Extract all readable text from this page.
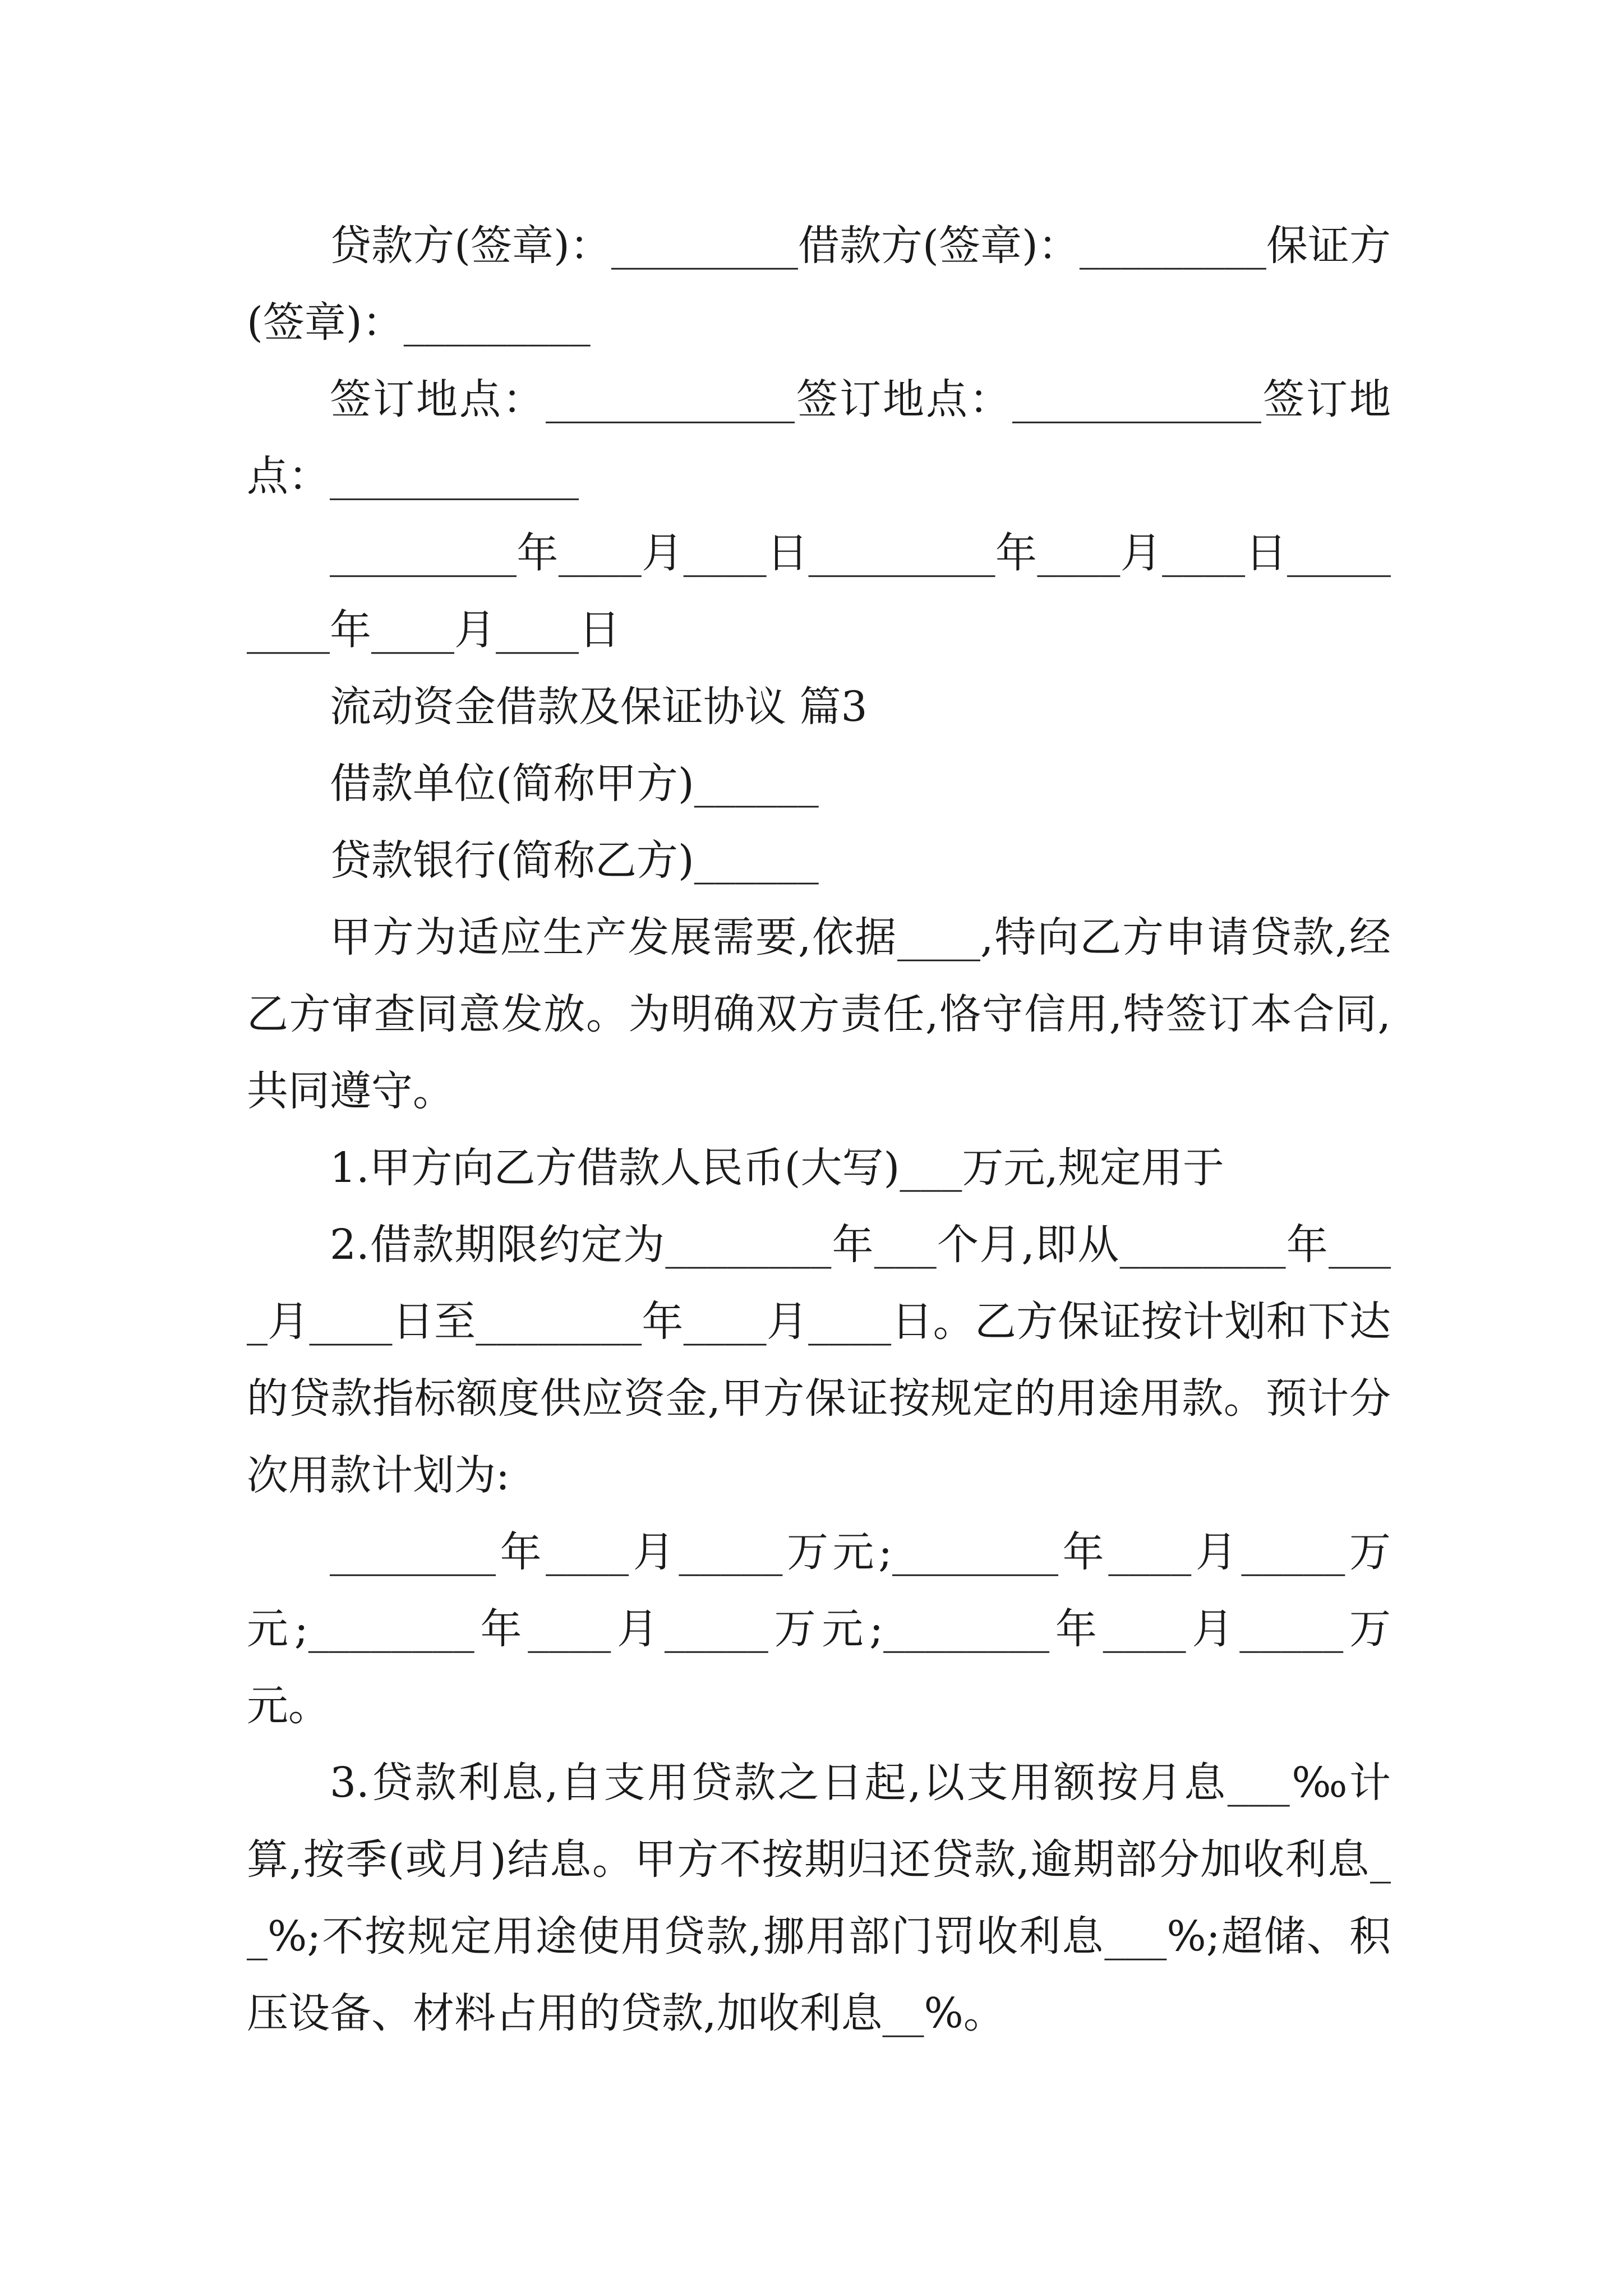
贷款方(签章)：_________借款方(签章)：_________保证方(签章)：_________

签订地点：____________签订地点：____________签订地点：____________

_________年____月____日_________年____月____日_________年____月____日

流动资金借款及保证协议 篇3

借款单位(简称甲方)______

贷款银行(简称乙方)______

甲方为适应生产发展需要,依据____,特向乙方申请贷款,经乙方审查同意发放。为明确双方责任,恪守信用,特签订本合同,共同遵守。

1.甲方向乙方借款人民币(大写)___万元,规定用于

2.借款期限约定为________年___个月,即从________年____月____日至________年____月____日。乙方保证按计划和下达的贷款指标额度供应资金,甲方保证按规定的用途用款。预计分次用款计划为:

________年____月_____万元;________年____月_____万元;________年____月_____万元;________年____月_____万元。

3.贷款利息,自支用贷款之日起,以支用额按月息___‰计算,按季(或月)结息。甲方不按期归还贷款,逾期部分加收利息__%;不按规定用途使用贷款,挪用部门罚收利息___%;超储、积压设备、材料占用的贷款,加收利息__%。
